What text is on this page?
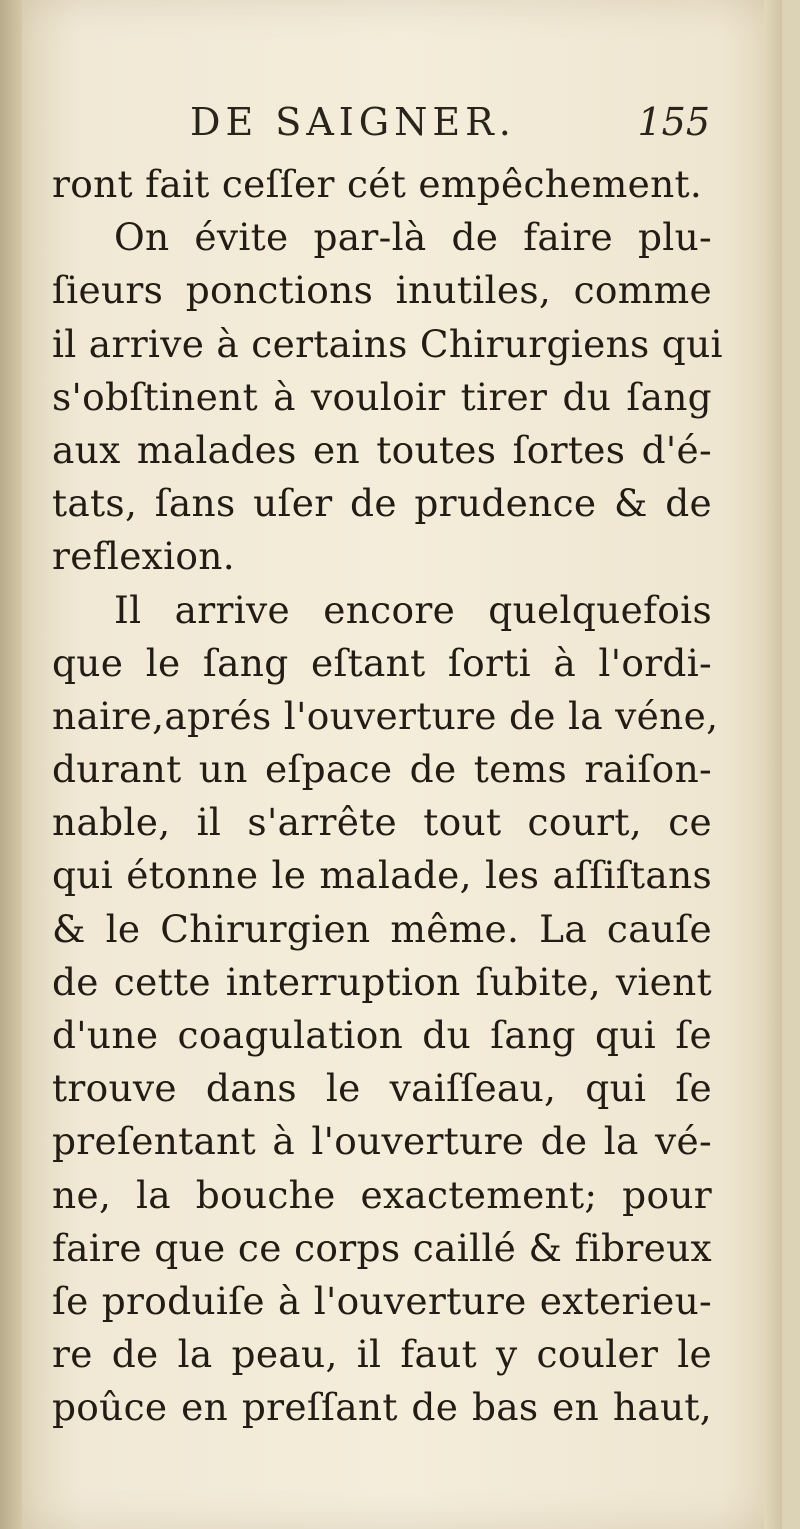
DE SAIGNER.	155
ront fait ceſſer cét empêchement.
On évite par-là de faire plu-
ſieurs ponctions inutiles, comme
il arrive à certains Chirurgiens qui
s'obſtinent à vouloir tirer du ſang
aux malades en toutes ſortes d'é-
tats, ſans uſer de prudence & de
reflexion.
Il arrive encore quelquefois
que le ſang eſtant ſorti à l'ordi-
naire,aprés l'ouverture de la véne,
durant un eſpace de tems raiſon-
nable, il s'arrête tout court, ce
qui étonne le malade, les aſſiſtans
& le Chirurgien même. La cauſe
de cette interruption ſubite, vient
d'une coagulation du ſang qui ſe
trouve dans le vaiſſeau, qui ſe
preſentant à l'ouverture de la vé-
ne, la bouche exactement; pour
faire que ce corps caillé & fibreux
ſe produiſe à l'ouverture exterieu-
re de la peau, il faut y couler le
poûce en preſſant de bas en haut,
